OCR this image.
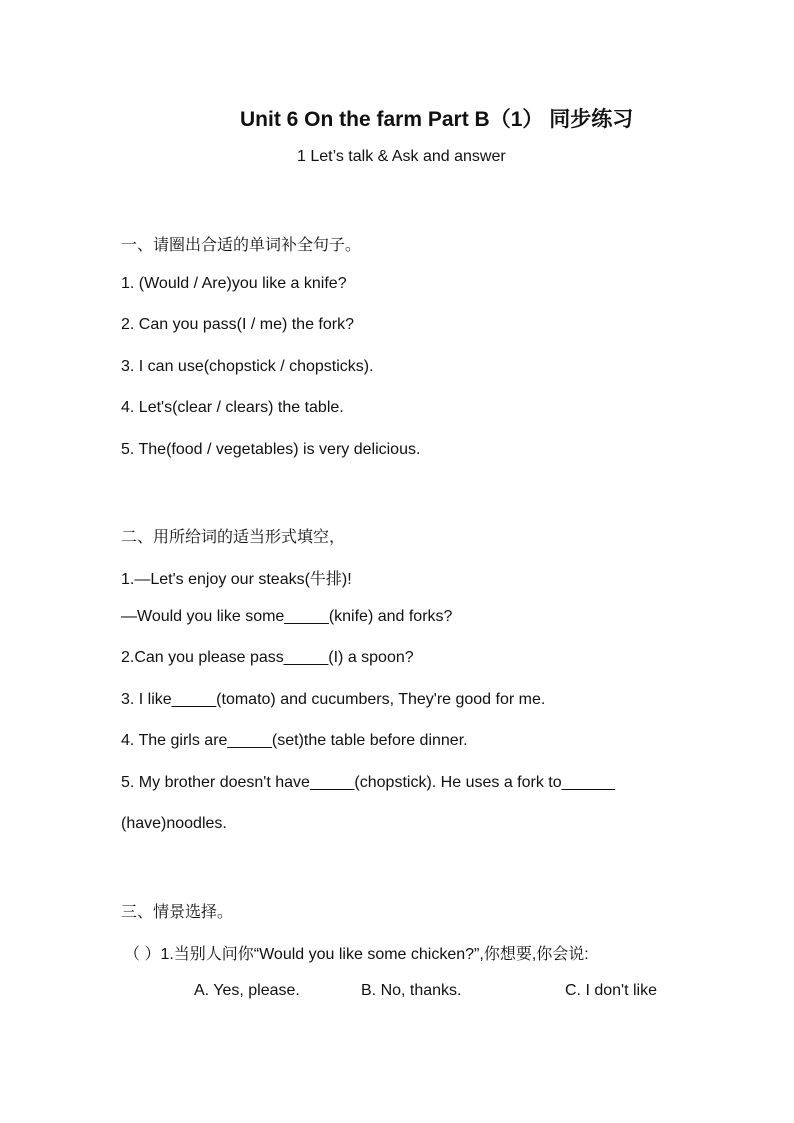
Unit 6 On the farm Part B（1） 同步练习
1 Let’s talk & Ask and answer
一、请圈出合适的单词补全句子。
1. (Would / Are)you like a knife?
2. Can you pass(I / me) the fork?
3. I can use(chopstick / chopsticks).
4. Let's(clear / clears) the table.
5. The(food / vegetables) is very delicious.
二、用所给词的适当形式填空，
1.—Let's enjoy our steaks(牛排)!
—Would you like some_____(knife) and forks?
2.Can you please pass_____(I) a spoon?
3. I like_____(tomato) and cucumbers, They're good for me.
4. The girls are_____(set)the table before dinner.
5. My brother doesn't have_____(chopstick). He uses a fork to______
(have)noodles.
三、情景选择。
（ ）1.当别人问你“Would you like some chicken?”,你想要,你会说:
A. Yes, please.	B. No, thanks.	C. I don't like
